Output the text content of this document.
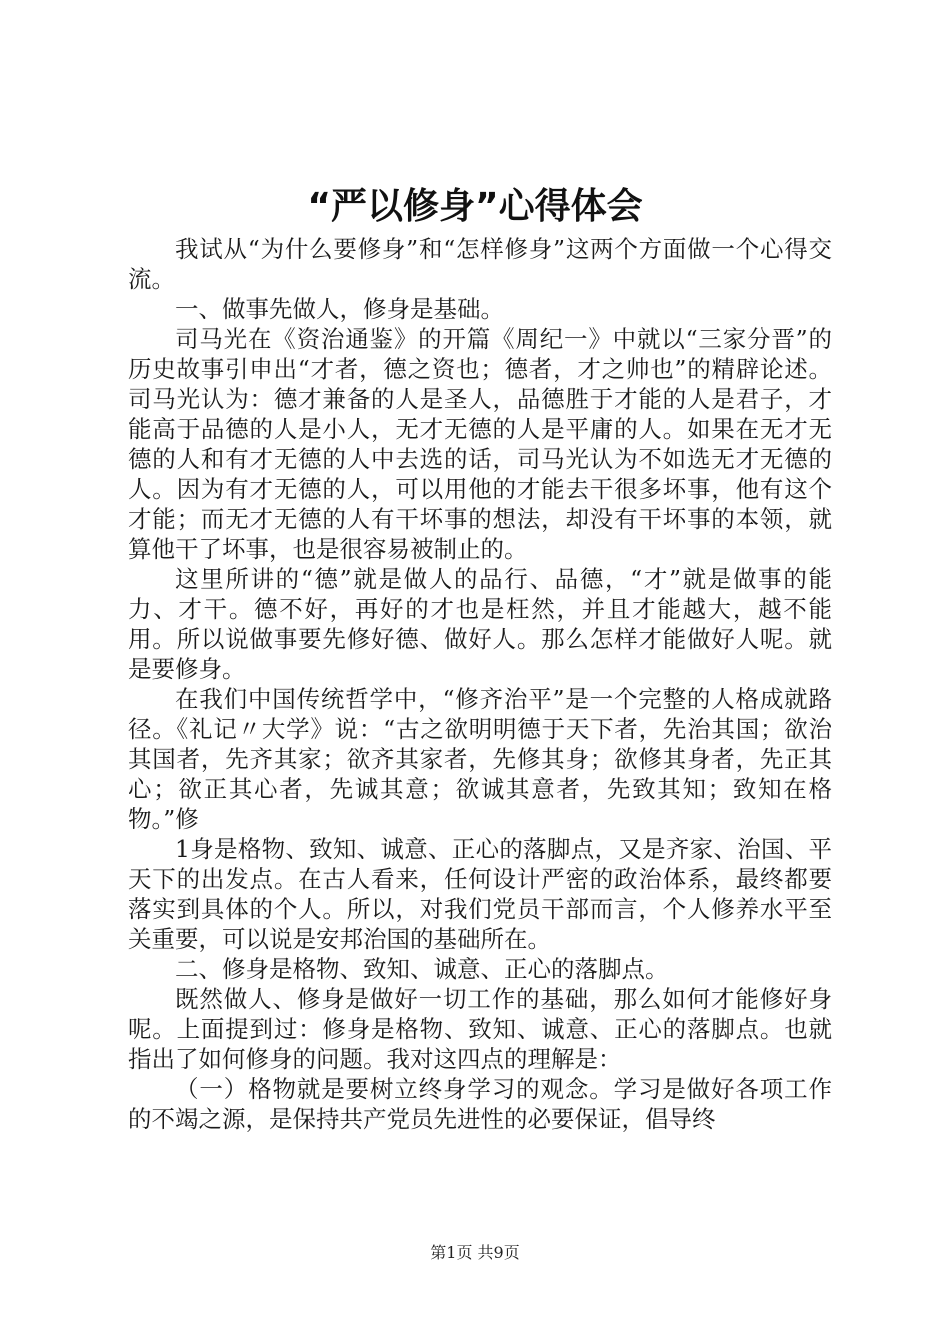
“严以修身”心得体会

我试从“为什么要修身”和“怎样修身”这两个方面做一个心得交流。

一、做事先做人，修身是基础。

司马光在《资治通鉴》的开篇《周纪一》中就以“三家分晋”的历史故事引申出“才者，德之资也；德者，才之帅也”的精辟论述。司马光认为：德才兼备的人是圣人，品德胜于才能的人是君子，才能高于品德的人是小人，无才无德的人是平庸的人。如果在无才无德的人和有才无德的人中去选的话，司马光认为不如选无才无德的人。因为有才无德的人，可以用他的才能去干很多坏事，他有这个才能；而无才无德的人有干坏事的想法，却没有干坏事的本领，就算他干了坏事，也是很容易被制止的。

这里所讲的“德”就是做人的品行、品德，“才”就是做事的能力、才干。德不好，再好的才也是枉然，并且才能越大，越不能用。所以说做事要先修好德、做好人。那么怎样才能做好人呢。就是要修身。

在我们中国传统哲学中，“修齐治平”是一个完整的人格成就路径。《礼记〃大学》说：“古之欲明明德于天下者，先治其国；欲治其国者，先齐其家；欲齐其家者，先修其身；欲修其身者，先正其心；欲正其心者，先诚其意；欲诚其意者，先致其知；致知在格物。”修

1身是格物、致知、诚意、正心的落脚点，又是齐家、治国、平天下的出发点。在古人看来，任何设计严密的政治体系，最终都要落实到具体的个人。所以，对我们党员干部而言，个人修养水平至关重要，可以说是安邦治国的基础所在。

二、修身是格物、致知、诚意、正心的落脚点。

既然做人、修身是做好一切工作的基础，那么如何才能修好身呢。上面提到过：修身是格物、致知、诚意、正心的落脚点。也就指出了如何修身的问题。我对这四点的理解是：

（一）格物就是要树立终身学习的观念。学习是做好各项工作的不竭之源，是保持共产党员先进性的必要保证，倡导终

第1页 共9页
